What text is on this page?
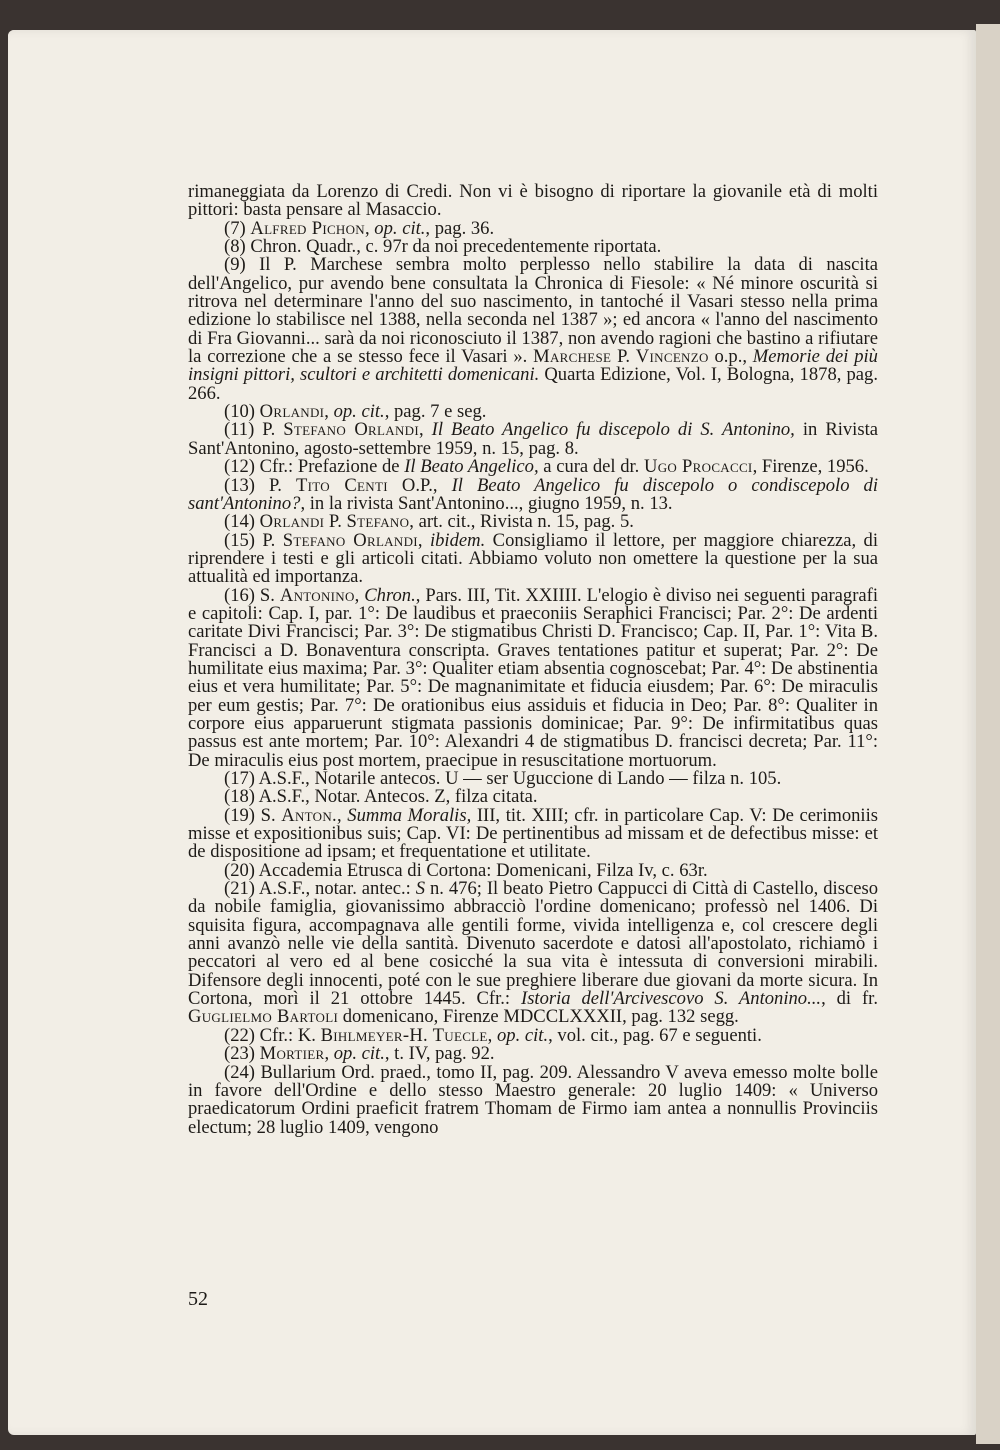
rimaneggiata da Lorenzo di Credi. Non vi è bisogno di riportare la giovanile età di molti pittori: basta pensare al Masaccio.

(7) Alfred Pichon, op. cit., pag. 36.

(8) Chron. Quadr., c. 97r da noi precedentemente riportata.

(9) Il P. Marchese sembra molto perplesso nello stabilire la data di nascita dell'Angelico, pur avendo bene consultata la Chronica di Fiesole: « Né minore oscurità si ritrova nel determinare l'anno del suo nascimento, in tantoché il Vasari stesso nella prima edizione lo stabilisce nel 1388, nella seconda nel 1387 »; ed ancora « l'anno del nascimento di Fra Giovanni... sarà da noi riconosciuto il 1387, non avendo ragioni che bastino a rifiutare la correzione che a se stesso fece il Vasari ». Marchese P. Vincenzo o.p., Memorie dei più insigni pittori, scultori e architetti domenicani. Quarta Edizione, Vol. I, Bologna, 1878, pag. 266.

(10) Orlandi, op. cit., pag. 7 e seg.

(11) P. Stefano Orlandi, Il Beato Angelico fu discepolo di S. Antonino, in Rivista Sant'Antonino, agosto-settembre 1959, n. 15, pag. 8.

(12) Cfr.: Prefazione de Il Beato Angelico, a cura del dr. Ugo Procacci, Firenze, 1956.

(13) P. Tito Centi O.P., Il Beato Angelico fu discepolo o condiscepolo di sant'Antonino?, in la rivista Sant'Antonino..., giugno 1959, n. 13.

(14) Orlandi P. Stefano, art. cit., Rivista n. 15, pag. 5.

(15) P. Stefano Orlandi, ibidem. Consigliamo il lettore, per maggiore chiarezza, di riprendere i testi e gli articoli citati. Abbiamo voluto non omettere la questione per la sua attualità ed importanza.

(16) S. Antonino, Chron., Pars. III, Tit. XXIIII. L'elogio è diviso nei seguenti paragrafi e capitoli: Cap. I, par. 1°: De laudibus et praeconiis Seraphici Francisci; Par. 2°: De ardenti caritate Divi Francisci; Par. 3°: De stigmatibus Christi D. Francisco; Cap. II, Par. 1°: Vita B. Francisci a D. Bonaventura conscripta. Graves tentationes patitur et superat; Par. 2°: De humilitate eius maxima; Par. 3°: Qualiter etiam absentia cognoscebat; Par. 4°: De abstinentia eius et vera humilitate; Par. 5°: De magnanimitate et fiducia eiusdem; Par. 6°: De miraculis per eum gestis; Par. 7°: De orationibus eius assiduis et fiducia in Deo; Par. 8°: Qualiter in corpore eius apparuerunt stigmata passionis dominicae; Par. 9°: De infirmitatibus quas passus est ante mortem; Par. 10°: Alexandri 4 de stigmatibus D. francisci decreta; Par. 11°: De miraculis eius post mortem, praecipue in resuscitatione mortuorum.

(17) A.S.F., Notarile antecos. U — ser Uguccione di Lando — filza n. 105.

(18) A.S.F., Notar. Antecos. Z, filza citata.

(19) S. Anton., Summa Moralis, III, tit. XIII; cfr. in particolare Cap. V: De cerimoniis misse et expositionibus suis; Cap. VI: De pertinentibus ad missam et de defectibus misse: et de dispositione ad ipsam; et frequentatione et utilitate.

(20) Accademia Etrusca di Cortona: Domenicani, Filza Iv, c. 63r.

(21) A.S.F., notar. antec.: S n. 476; Il beato Pietro Cappucci di Città di Castello, disceso da nobile famiglia, giovanissimo abbracciò l'ordine domenicano; professò nel 1406. Di squisita figura, accompagnava alle gentili forme, vivida intelligenza e, col crescere degli anni avanzò nelle vie della santità. Divenuto sacerdote e datosi all'apostolato, richiamò i peccatori al vero ed al bene cosicché la sua vita è intessuta di conversioni mirabili. Difensore degli innocenti, poté con le sue preghiere liberare due giovani da morte sicura. In Cortona, morì il 21 ottobre 1445. Cfr.: Istoria dell'Arcivescovo S. Antonino..., di fr. Guglielmo Bartoli domenicano, Firenze MDCCLXXXII, pag. 132 segg.

(22) Cfr.: K. Bihlmeyer-H. Tuecle, op. cit., vol. cit., pag. 67 e seguenti.

(23) Mortier, op. cit., t. IV, pag. 92.

(24) Bullarium Ord. praed., tomo II, pag. 209. Alessandro V aveva emesso molte bolle in favore dell'Ordine e dello stesso Maestro generale: 20 luglio 1409: « Universo praedicatorum Ordini praeficit fratrem Thomam de Firmo iam antea a nonnullis Provinciis electum; 28 luglio 1409, vengono

52
